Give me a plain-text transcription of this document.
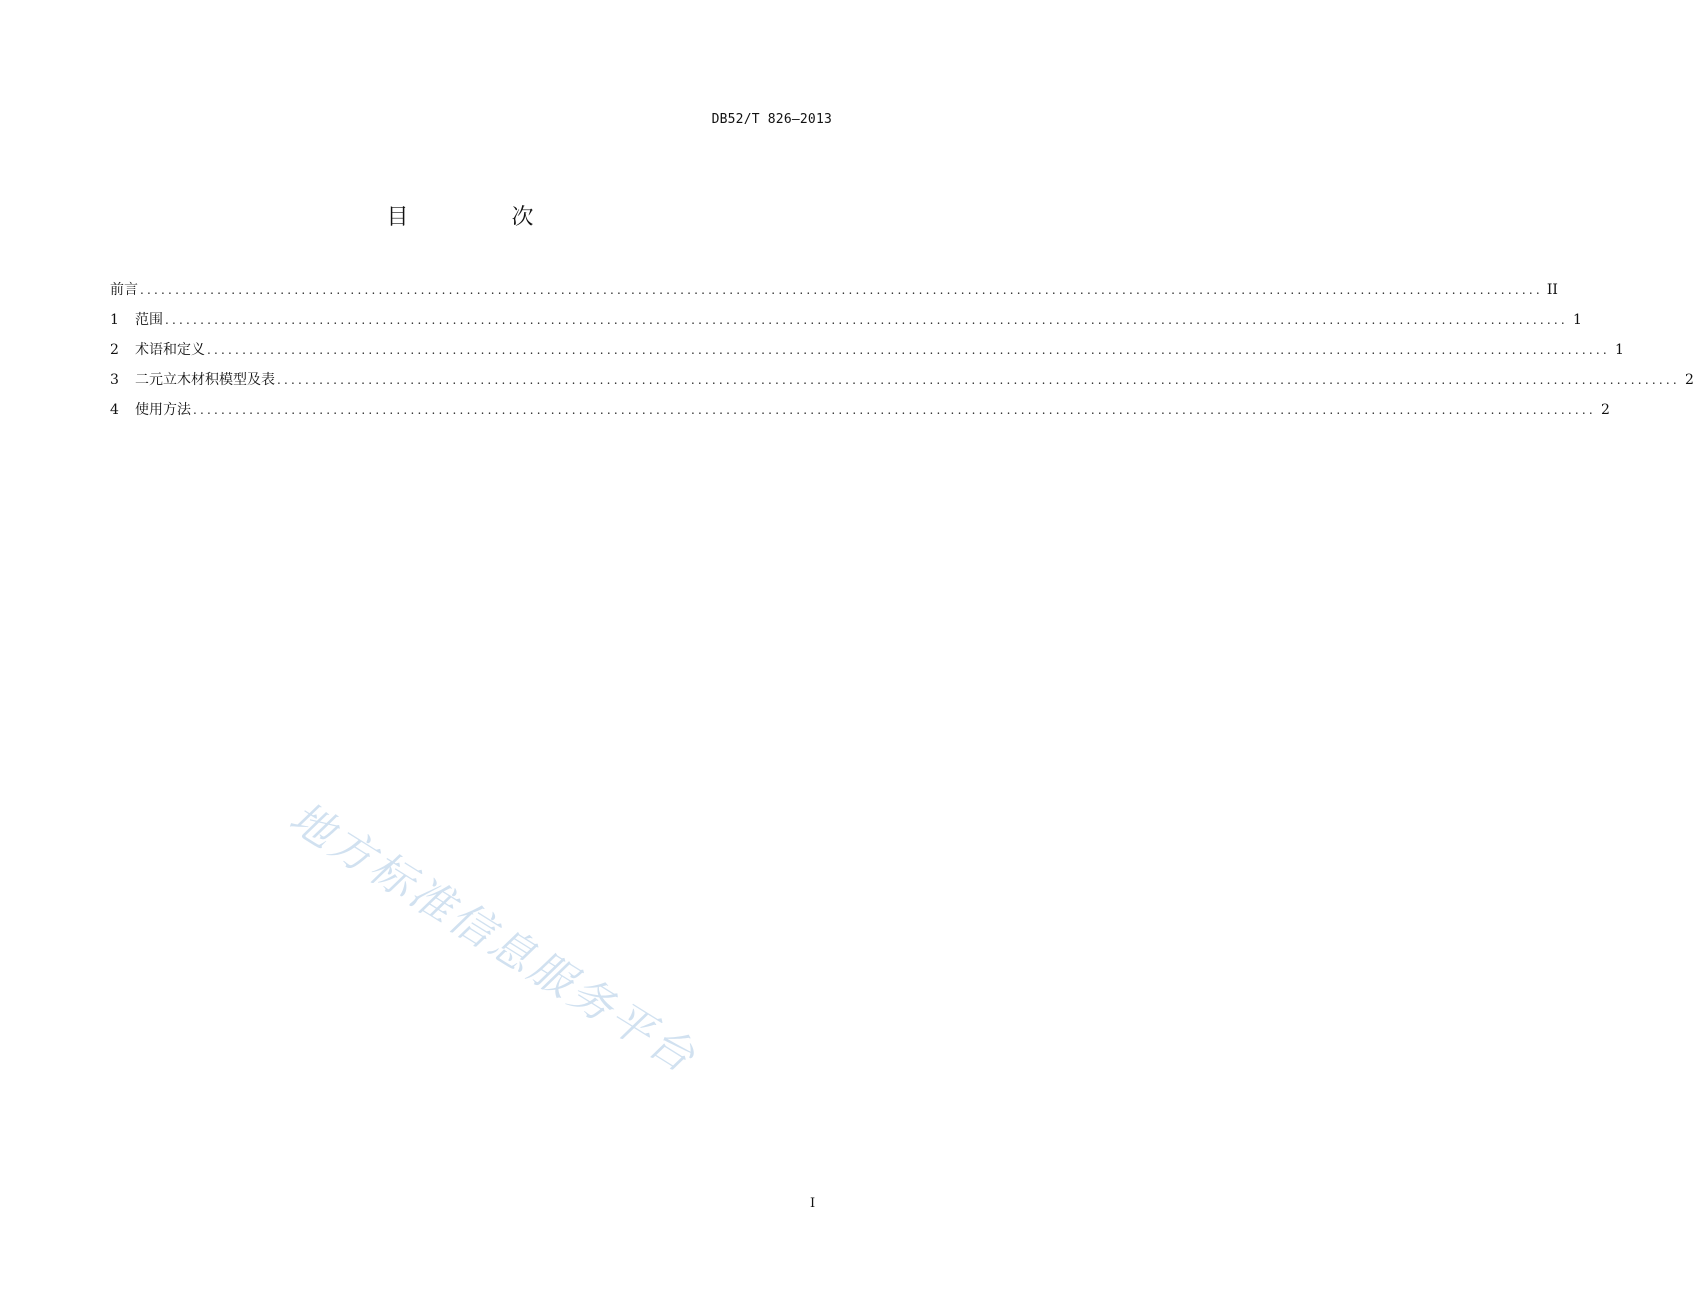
DB52/T 826—2013
目 次
前言 ........................................................................................................................................................................................................ II
1	范围 ........................................................................................................................................................................................................ 1
2	术语和定义 ........................................................................................................................................................................................................ 1
3	二元立木材积模型及表 ........................................................................................................................................................................................................ 2
4	使用方法 ........................................................................................................................................................................................................ 2
地方标准信息服务平台
I
